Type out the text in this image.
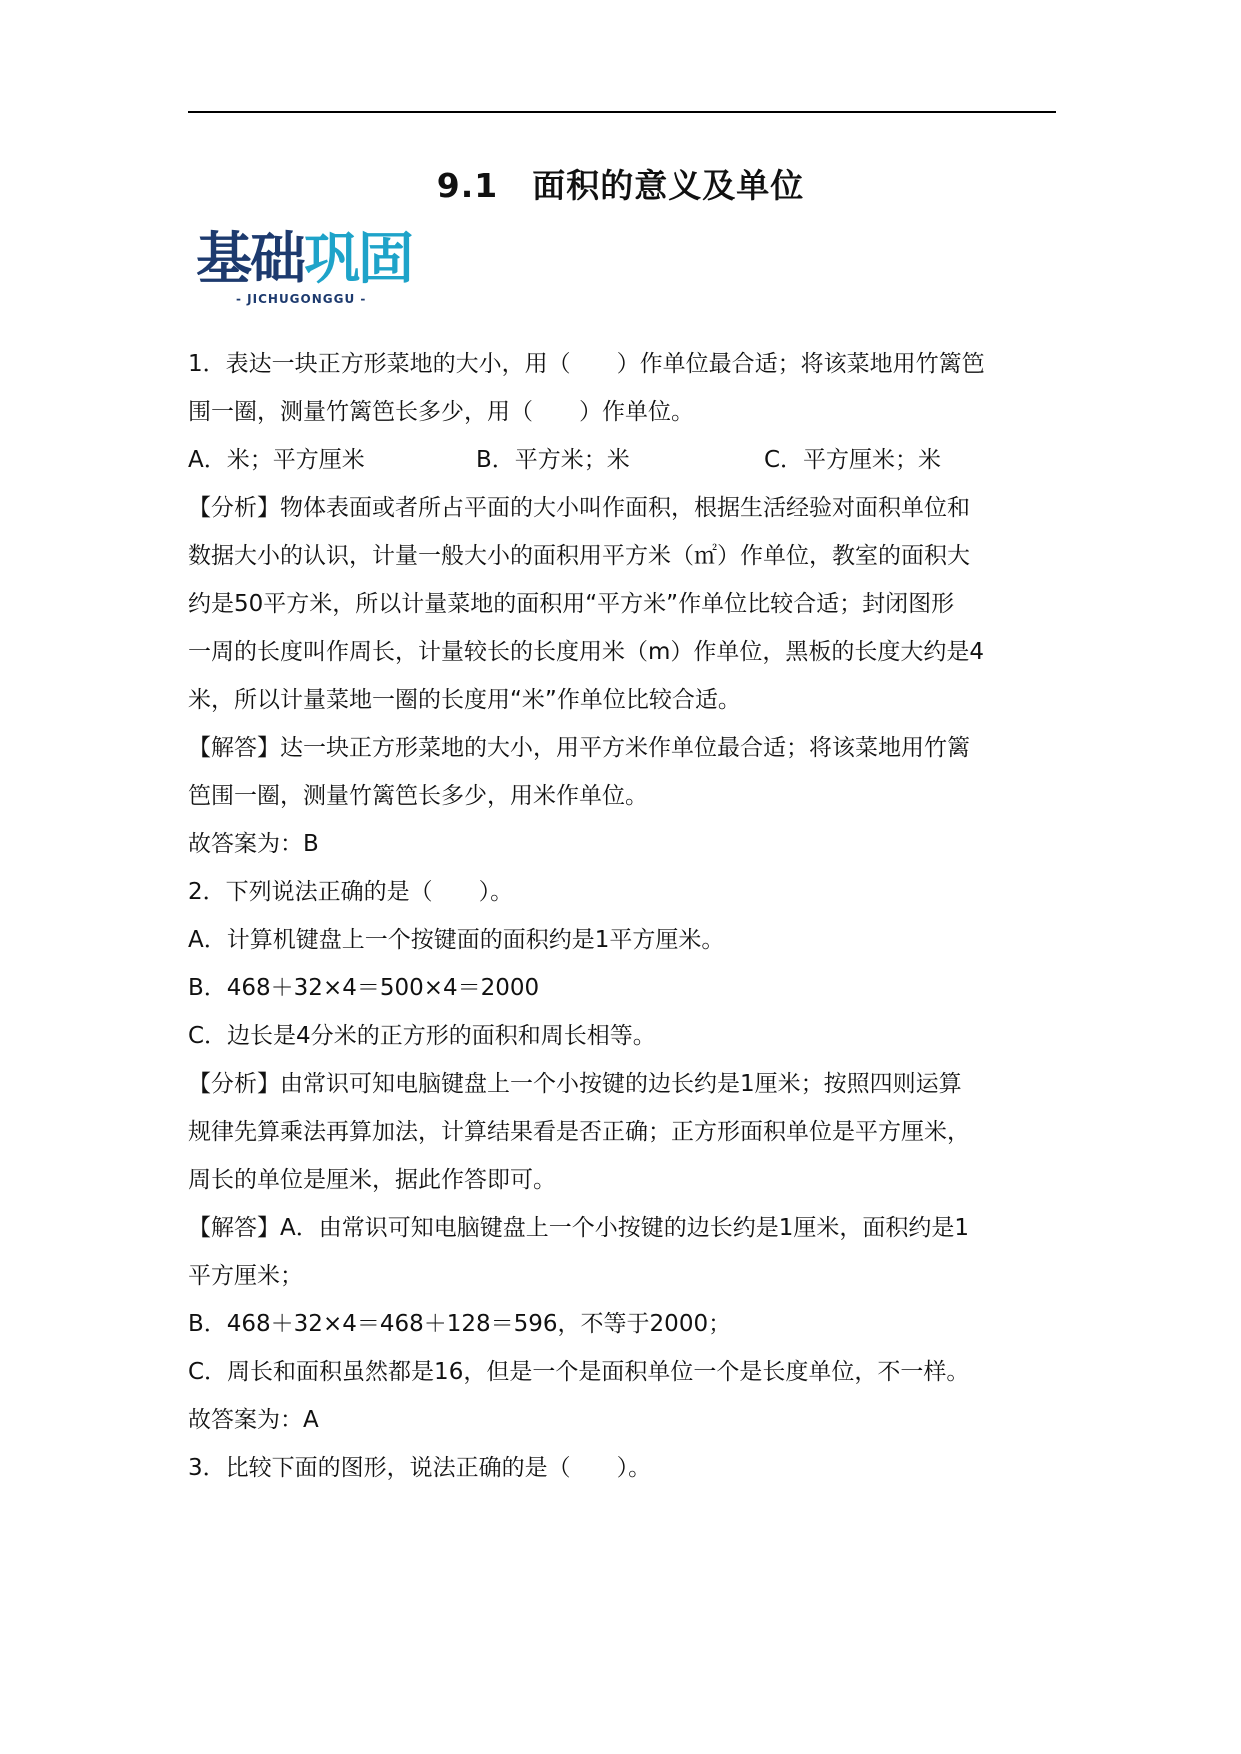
9.1　面积的意义及单位
基础巩固
- JICHUGONGGU -
1．表达一块正方形菜地的大小，用（　　）作单位最合适；将该菜地用竹篱笆
围一圈，测量竹篱笆长多少，用（　　）作单位。
A．米；平方厘米	B．平方米；米	C．平方厘米；米
【分析】物体表面或者所占平面的大小叫作面积，根据生活经验对面积单位和
数据大小的认识，计量一般大小的面积用平方米（㎡）作单位，教室的面积大
约是50平方米，所以计量菜地的面积用“平方米”作单位比较合适；封闭图形
一周的长度叫作周长，计量较长的长度用米（m）作单位，黑板的长度大约是4
米，所以计量菜地一圈的长度用“米”作单位比较合适。
【解答】达一块正方形菜地的大小，用平方米作单位最合适；将该菜地用竹篱
笆围一圈，测量竹篱笆长多少，用米作单位。
故答案为：B
2．下列说法正确的是（　　）。
A．计算机键盘上一个按键面的面积约是1平方厘米。
B．468＋32×4＝500×4＝2000
C．边长是4分米的正方形的面积和周长相等。
【分析】由常识可知电脑键盘上一个小按键的边长约是1厘米；按照四则运算
规律先算乘法再算加法，计算结果看是否正确；正方形面积单位是平方厘米，
周长的单位是厘米，据此作答即可。
【解答】A．由常识可知电脑键盘上一个小按键的边长约是1厘米，面积约是1
平方厘米；
B．468＋32×4＝468＋128＝596，不等于2000；
C．周长和面积虽然都是16，但是一个是面积单位一个是长度单位，不一样。
故答案为：A
3．比较下面的图形，说法正确的是（　　）。
